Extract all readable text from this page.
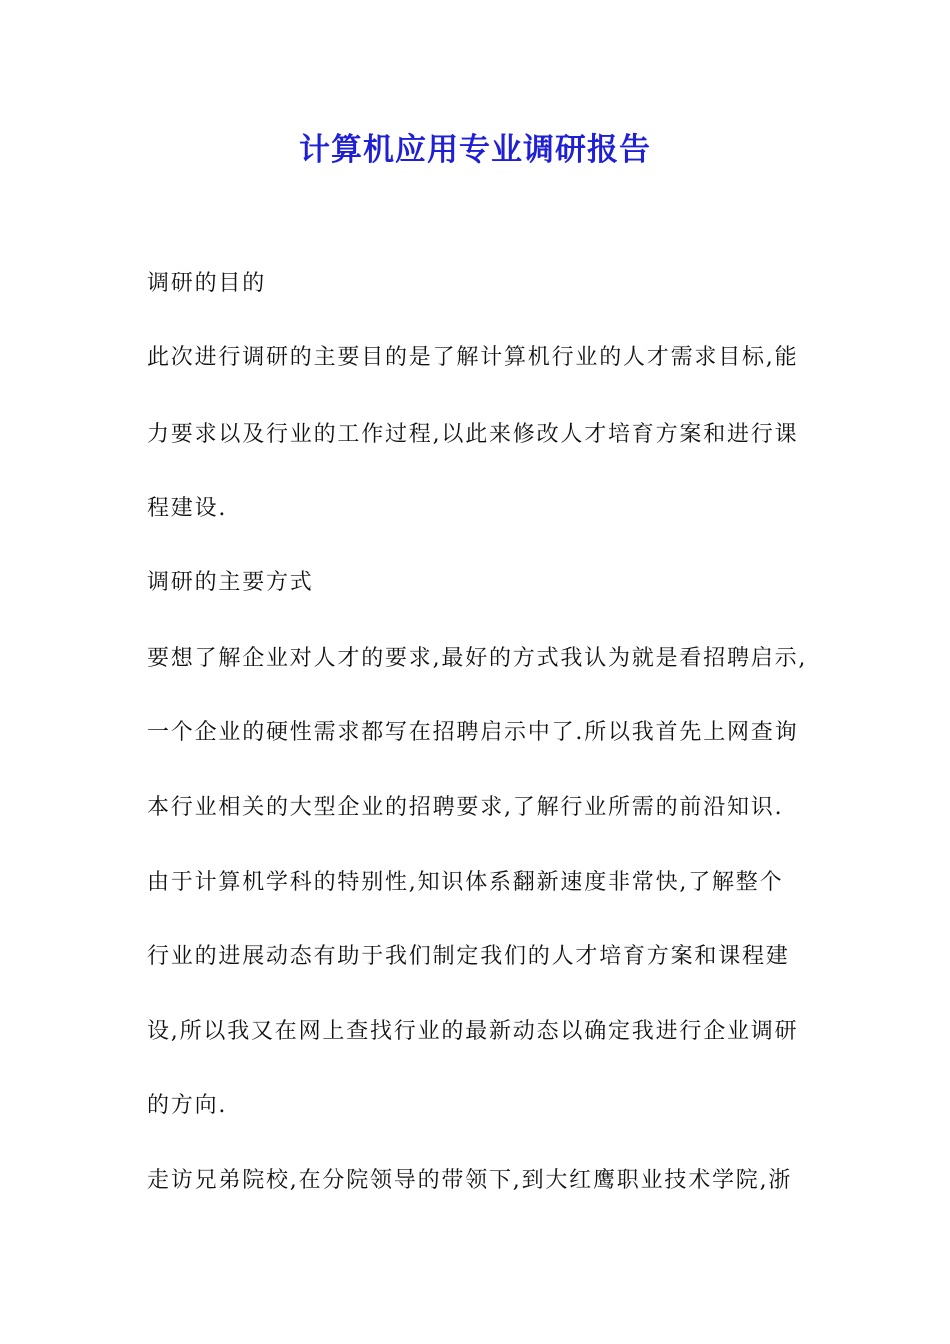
计算机应用专业调研报告
调研的目的
此次进行调研的主要目的是了解计算机行业的人才需求目标,能
力要求以及行业的工作过程,以此来修改人才培育方案和进行课
程建设.
调研的主要方式
要想了解企业对人才的要求,最好的方式我认为就是看招聘启示,
一个企业的硬性需求都写在招聘启示中了.所以我首先上网查询
本行业相关的大型企业的招聘要求,了解行业所需的前沿知识.
由于计算机学科的特别性,知识体系翻新速度非常快,了解整个
行业的进展动态有助于我们制定我们的人才培育方案和课程建
设,所以我又在网上查找行业的最新动态以确定我进行企业调研
的方向.
走访兄弟院校,在分院领导的带领下,到大红鹰职业技术学院,浙
